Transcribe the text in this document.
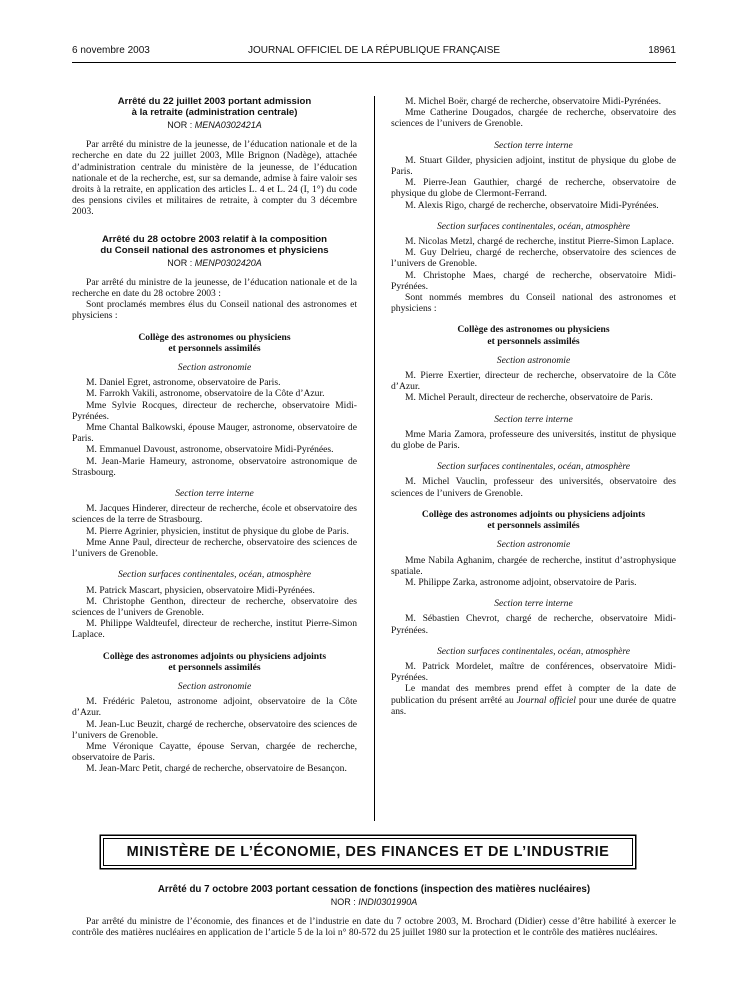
6 novembre 2003	JOURNAL OFFICIEL DE LA RÉPUBLIQUE FRANÇAISE	18961
Arrêté du 22 juillet 2003 portant admission
à la retraite (administration centrale)
NOR : MENA0302421A

Par arrêté du ministre de la jeunesse, de l’éducation nationale et de la recherche en date du 22 juillet 2003, Mlle Brignon (Nadège), attachée d’administration centrale du ministère de la jeunesse, de l’éducation nationale et de la recherche, est, sur sa demande, admise à faire valoir ses droits à la retraite, en application des articles L. 4 et L. 24 (I, 1°) du code des pensions civiles et militaires de retraite, à compter du 3 décembre 2003.

Arrêté du 28 octobre 2003 relatif à la composition
du Conseil national des astronomes et physiciens
NOR : MENP0302420A

Par arrêté du ministre de la jeunesse, de l’éducation nationale et de la recherche en date du 28 octobre 2003 :

Sont proclamés membres élus du Conseil national des astronomes et physiciens :

Collège des astronomes ou physiciens
et personnels assimilés
Section astronomie

M. Daniel Egret, astronome, observatoire de Paris.

M. Farrokh Vakili, astronome, observatoire de la Côte d’Azur.

Mme Sylvie Rocques, directeur de recherche, observatoire Midi-Pyrénées.

Mme Chantal Balkowski, épouse Mauger, astronome, observatoire de Paris.

M. Emmanuel Davoust, astronome, observatoire Midi-Pyrénées.

M. Jean-Marie Hameury, astronome, observatoire astronomique de Strasbourg.

Section terre interne

M. Jacques Hinderer, directeur de recherche, école et observatoire des sciences de la terre de Strasbourg.

M. Pierre Agrinier, physicien, institut de physique du globe de Paris.

Mme Anne Paul, directeur de recherche, observatoire des sciences de l’univers de Grenoble.

Section surfaces continentales, océan, atmosphère

M. Patrick Mascart, physicien, observatoire Midi-Pyrénées.

M. Christophe Genthon, directeur de recherche, observatoire des sciences de l’univers de Grenoble.

M. Philippe Waldteufel, directeur de recherche, institut Pierre-Simon Laplace.

Collège des astronomes adjoints ou physiciens adjoints
et personnels assimilés
Section astronomie

M. Frédéric Paletou, astronome adjoint, observatoire de la Côte d’Azur.

M. Jean-Luc Beuzit, chargé de recherche, observatoire des sciences de l’univers de Grenoble.

Mme Véronique Cayatte, épouse Servan, chargée de recherche, observatoire de Paris.

M. Jean-Marc Petit, chargé de recherche, observatoire de Besançon.

M. Michel Boër, chargé de recherche, observatoire Midi-Pyrénées.

Mme Catherine Dougados, chargée de recherche, observatoire des sciences de l’univers de Grenoble.

Section terre interne

M. Stuart Gilder, physicien adjoint, institut de physique du globe de Paris.

M. Pierre-Jean Gauthier, chargé de recherche, observatoire de physique du globe de Clermont-Ferrand.

M. Alexis Rigo, chargé de recherche, observatoire Midi-Pyrénées.

Section surfaces continentales, océan, atmosphère

M. Nicolas Metzl, chargé de recherche, institut Pierre-Simon Laplace.

M. Guy Delrieu, chargé de recherche, observatoire des sciences de l’univers de Grenoble.

M. Christophe Maes, chargé de recherche, observatoire Midi-Pyrénées.

Sont nommés membres du Conseil national des astronomes et physiciens :

Collège des astronomes ou physiciens
et personnels assimilés
Section astronomie

M. Pierre Exertier, directeur de recherche, observatoire de la Côte d’Azur.

M. Michel Perault, directeur de recherche, observatoire de Paris.

Section terre interne

Mme Maria Zamora, professeure des universités, institut de physique du globe de Paris.

Section surfaces continentales, océan, atmosphère

M. Michel Vauclin, professeur des universités, observatoire des sciences de l’univers de Grenoble.

Collège des astronomes adjoints ou physiciens adjoints
et personnels assimilés
Section astronomie

Mme Nabila Aghanim, chargée de recherche, institut d’astrophysique spatiale.

M. Philippe Zarka, astronome adjoint, observatoire de Paris.

Section terre interne

M. Sébastien Chevrot, chargé de recherche, observatoire Midi-Pyrénées.

Section surfaces continentales, océan, atmosphère

M. Patrick Mordelet, maître de conférences, observatoire Midi-Pyrénées.

Le mandat des membres prend effet à compter de la date de publication du présent arrêté au Journal officiel pour une durée de quatre ans.

MINISTÈRE DE L’ÉCONOMIE, DES FINANCES ET DE L’INDUSTRIE
Arrêté du 7 octobre 2003 portant cessation de fonctions (inspection des matières nucléaires)
NOR : INDI0301990A

Par arrêté du ministre de l’économie, des finances et de l’industrie en date du 7 octobre 2003, M. Brochard (Didier) cesse d’être habilité à exercer le contrôle des matières nucléaires en application de l’article 5 de la loi n° 80-572 du 25 juillet 1980 sur la protection et le contrôle des matières nucléaires.
